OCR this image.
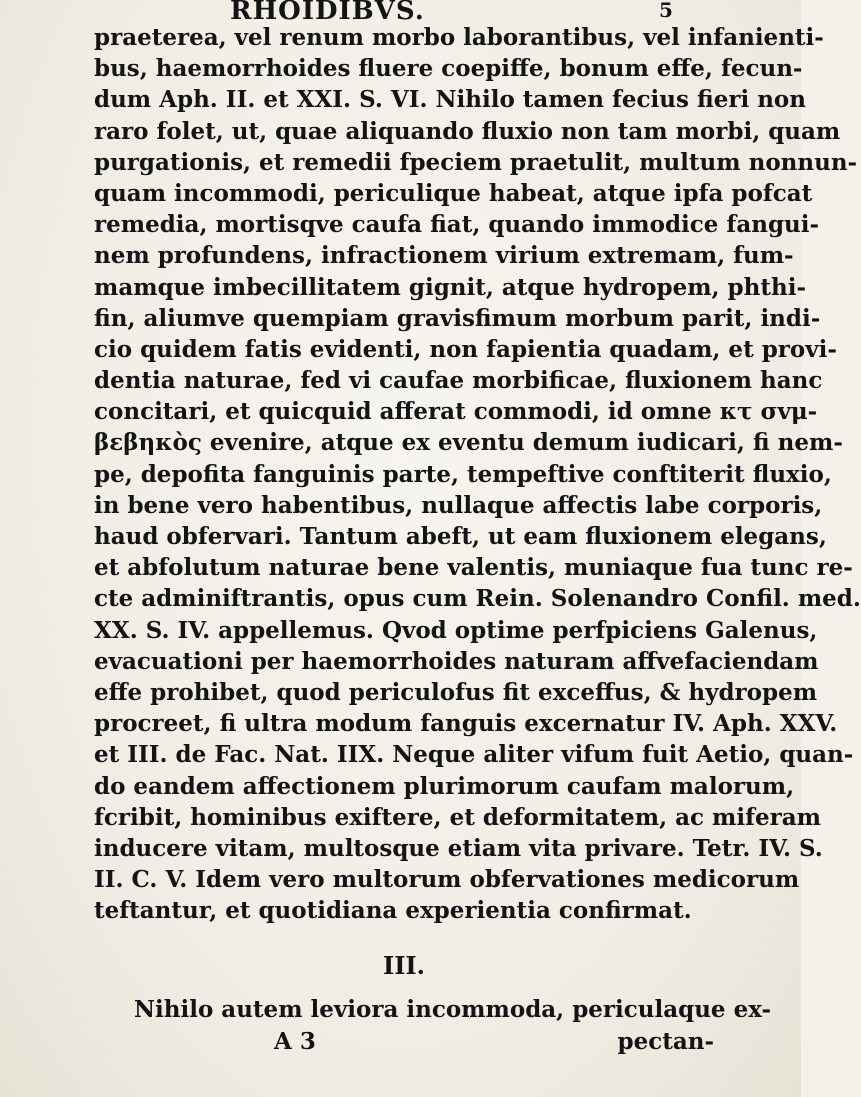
RHOIDIBVS.	5
praeterea, vel renum morbo laborantibus, vel infanienti-
bus, haemorrhoides fluere coepiffe, bonum effe, fecun-
dum Aph. II. et XXI. S. VI. Nihilo tamen fecius fieri non
raro folet, ut, quae aliquando fluxio non tam morbi, quam
purgationis, et remedii fpeciem praetulit, multum nonnun-
quam incommodi, periculique habeat, atque ipfa pofcat
remedia, mortisqve caufa fiat, quando immodice fangui-
nem profundens, infractionem virium extremam, fum-
mamque imbecillitatem gignit, atque hydropem, phthi-
fin, aliumve quempiam gravisfimum morbum parit, indi-
cio quidem fatis evidenti, non fapientia quadam, et provi-
dentia naturae, fed vi caufae morbificae, fluxionem hanc
concitari, et quicquid afferat commodi, id omne κτ σvμ-
βεβηκὸς evenire, atque ex eventu demum iudicari, fi nem-
pe, depofita fanguinis parte, tempeftive conftiterit fluxio,
in bene vero habentibus, nullaque affectis labe corporis,
haud obfervari. Tantum abeft, ut eam fluxionem elegans,
et abfolutum naturae bene valentis, muniaque fua tunc re-
cte adminiftrantis, opus cum Rein. Solenandro Confil. med.
XX. S. IV. appellemus. Qvod optime perfpiciens Galenus,
evacuationi per haemorrhoides naturam affvefaciendam
effe prohibet, quod periculofus fit exceffus, & hydropem
procreet, fi ultra modum fanguis excernatur IV. Aph. XXV.
et III. de Fac. Nat. IIX. Neque aliter vifum fuit Aetio, quan-
do eandem affectionem plurimorum caufam malorum,
fcribit, hominibus exiftere, et deformitatem, ac miferam
inducere vitam, multosque etiam vita privare. Tetr. IV. S.
II. C. V. Idem vero multorum obfervationes medicorum
teftantur, et quotidiana experientia confirmat.
III.
Nihilo autem leviora incommoda, periculaque ex-
A 3	pectan-
